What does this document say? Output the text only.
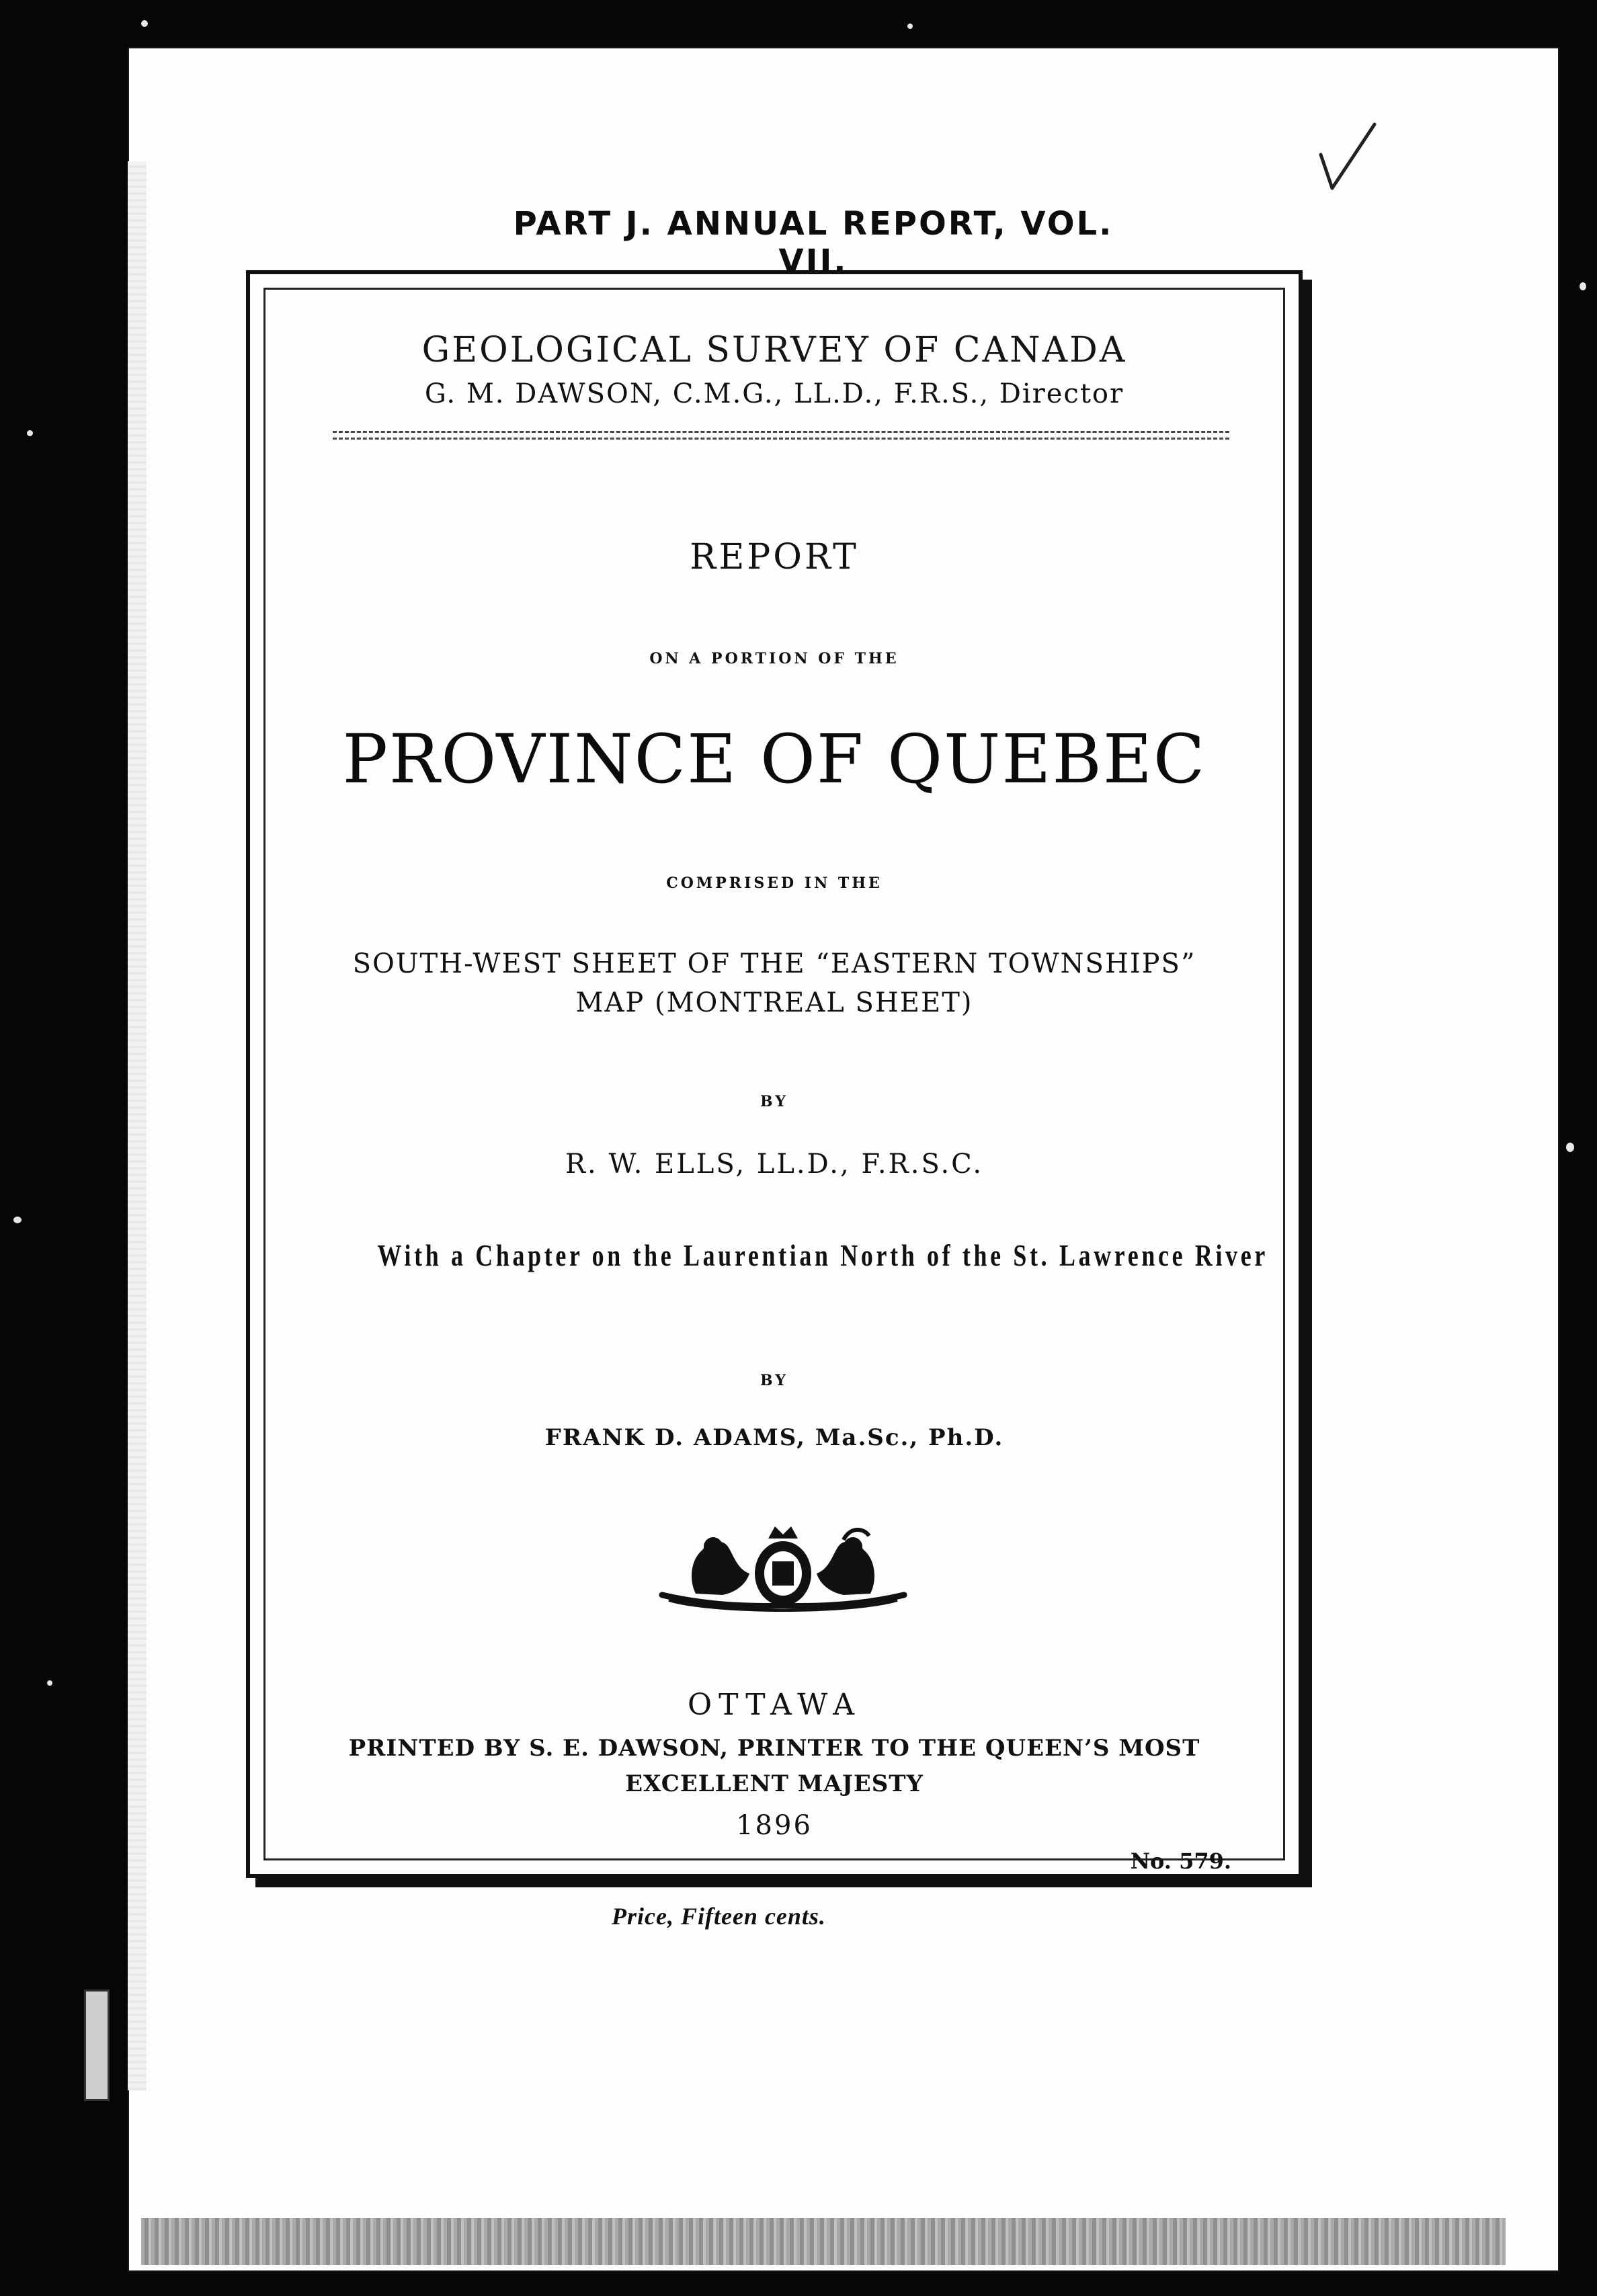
PART J. ANNUAL REPORT, VOL. VII.
GEOLOGICAL SURVEY OF CANADA
G. M. DAWSON, C.M.G., LL.D., F.R.S., Director
REPORT
ON A PORTION OF THE
PROVINCE OF QUEBEC
COMPRISED IN THE
SOUTH-WEST SHEET OF THE “EASTERN TOWNSHIPS”
MAP (MONTREAL SHEET)
BY
R. W. ELLS, LL.D., F.R.S.C.
With a Chapter on the Laurentian North of the St. Lawrence River
BY
FRANK D. ADAMS, Ma.Sc., Ph.D.
OTTAWA
PRINTED BY S. E. DAWSON, PRINTER TO THE QUEEN’S MOST
EXCELLENT MAJESTY
1896
No. 579.
Price, Fifteen cents.
